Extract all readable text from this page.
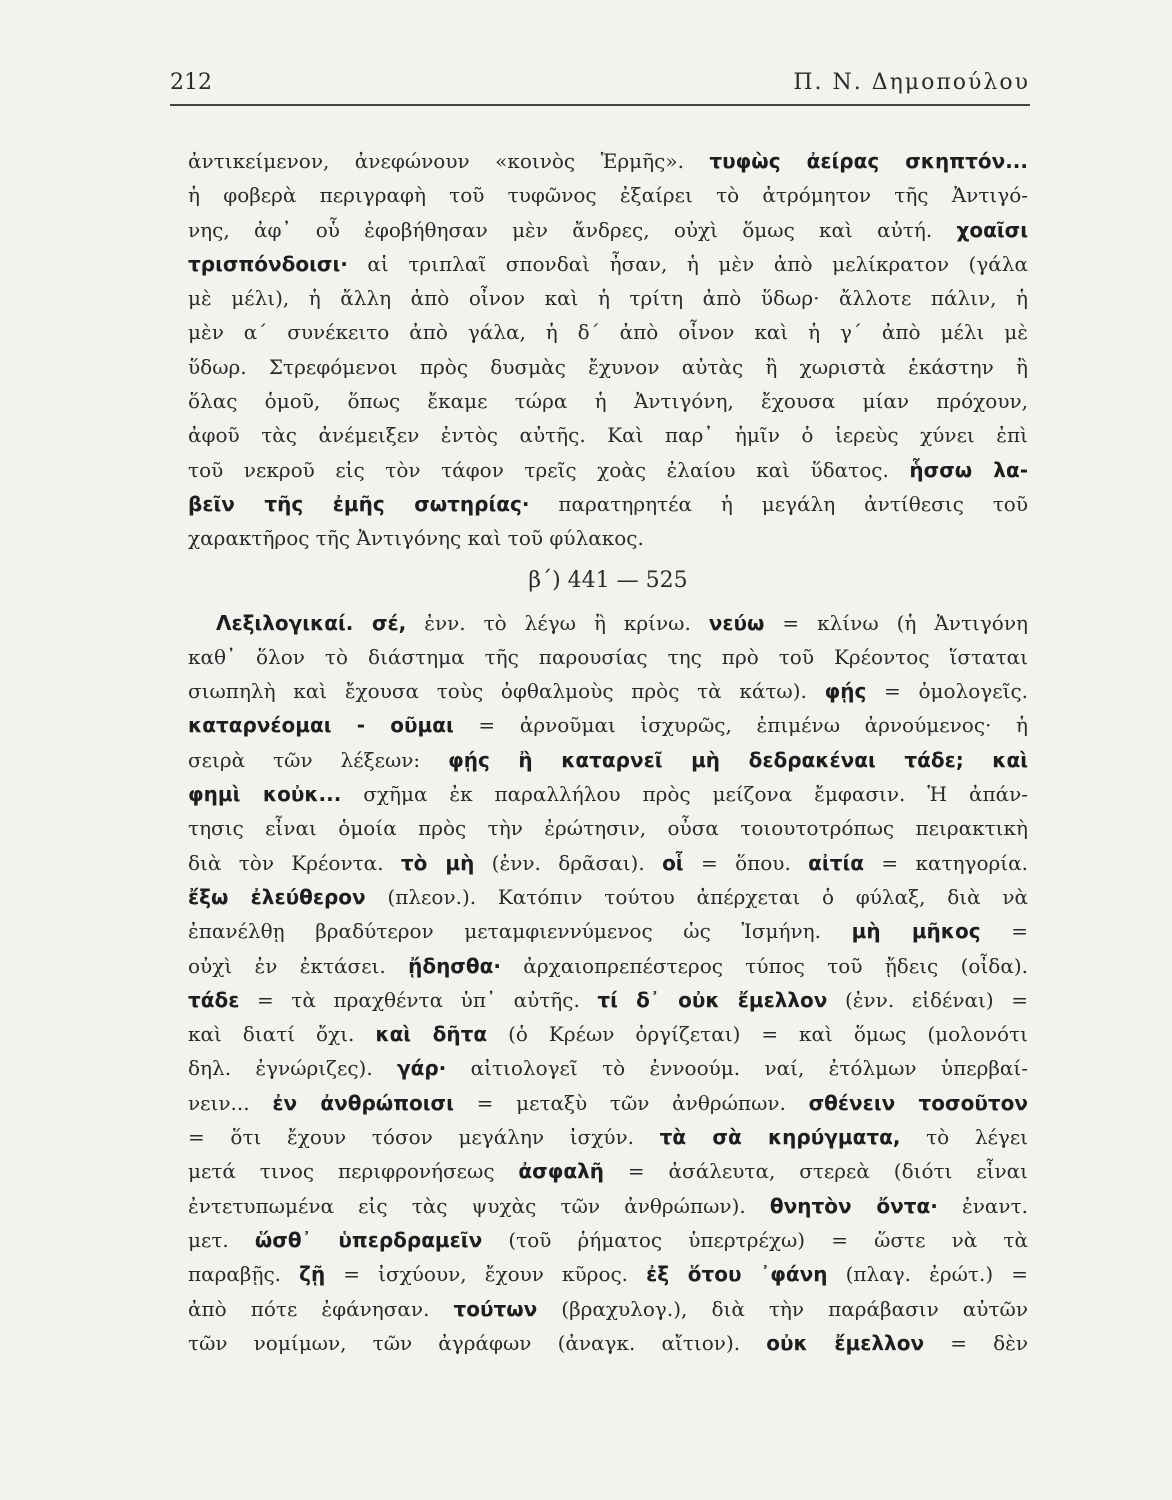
212	Π. Ν. Δημοπούλου
ἀντικείμενον, ἀνεφώνουν «κοινὸς Ἑρμῆς». τυφὼς ἀείρας σκηπτόν...
ἡ φοβερὰ περιγραφὴ τοῦ τυφῶνος ἐξαίρει τὸ ἀτρόμητον τῆς Ἀντιγό-
νης, ἀφ᾽ οὗ ἐφοβήθησαν μὲν ἄνδρες, οὐχὶ ὅμως καὶ αὐτή. χοαῖσι
τρισπόνδοισι· αἱ τριπλαῖ σπονδαὶ ἦσαν, ἡ μὲν ἀπὸ μελίκρατον (γάλα
μὲ μέλι), ἡ ἄλλη ἀπὸ οἶνον καὶ ἡ τρίτη ἀπὸ ὕδωρ· ἄλλοτε πάλιν, ἡ
μὲν α΄ συνέκειτο ἀπὸ γάλα, ἡ δ΄ ἀπὸ οἶνον καὶ ἡ γ΄ ἀπὸ μέλι μὲ
ὕδωρ. Στρεφόμενοι πρὸς δυσμὰς ἔχυνον αὐτὰς ἢ χωριστὰ ἑκάστην ἢ
ὅλας ὁμοῦ, ὅπως ἔκαμε τώρα ἡ Ἀντιγόνη, ἔχουσα μίαν πρόχουν,
ἀφοῦ τὰς ἀνέμειξεν ἐντὸς αὐτῆς. Καὶ παρ᾽ ἡμῖν ὁ ἱερεὺς χύνει ἐπὶ
τοῦ νεκροῦ εἰς τὸν τάφον τρεῖς χοὰς ἐλαίου καὶ ὕδατος. ἧσσω λα-
βεῖν τῆς ἐμῆς σωτηρίας· παρατηρητέα ἡ μεγάλη ἀντίθεσις τοῦ
χαρακτῆρος τῆς Ἀντιγόνης καὶ τοῦ φύλακος.
β΄) 441 — 525
Λεξιλογικαί. σέ, ἐνν. τὸ λέγω ἢ κρίνω. νεύω = κλίνω (ἡ Ἀντιγόνη
καθ᾽ ὅλον τὸ διάστημα τῆς παρουσίας της πρὸ τοῦ Κρέοντος ἵσταται
σιωπηλὴ καὶ ἔχουσα τοὺς ὀφθαλμοὺς πρὸς τὰ κάτω). φῄς = ὁμολογεῖς.
καταρνέομαι - οῦμαι = ἀρνοῦμαι ἰσχυρῶς, ἐπιμένω ἀρνούμενος· ἡ
σειρὰ τῶν λέξεων: φῄς ἢ καταρνεῖ μὴ δεδρακέναι τάδε; καὶ
φημὶ κοὐκ... σχῆμα ἐκ παραλλήλου πρὸς μείζονα ἔμφασιν. Ἡ ἀπάν-
τησις εἶναι ὁμοία πρὸς τὴν ἐρώτησιν, οὖσα τοιουτοτρόπως πειρακτικὴ
διὰ τὸν Κρέοντα. τὸ μὴ (ἐνν. δρᾶσαι). οἷ = ὅπου. αἰτία = κατηγορία.
ἔξω ἐλεύθερον (πλεον.). Κατόπιν τούτου ἀπέρχεται ὁ φύλαξ, διὰ νὰ
ἐπανέλθῃ βραδύτερον μεταμφιεννύμενος ὡς Ἰσμήνη. μὴ μῆκος =
οὐχὶ ἐν ἐκτάσει. ᾔδησθα· ἀρχαιοπρεπέστερος τύπος τοῦ ᾔδεις (οἶδα).
τάδε = τὰ πραχθέντα ὑπ᾽ αὐτῆς. τί δ᾽ οὐκ ἔμελλον (ἐνν. εἰδέναι) =
καὶ διατί ὄχι. καὶ δῆτα (ὁ Κρέων ὀργίζεται) = καὶ ὅμως (μολονότι
δηλ. ἐγνώριζες). γάρ· αἰτιολογεῖ τὸ ἐννοούμ. ναί, ἐτόλμων ὑπερβαί-
νειν... ἐν ἀνθρώποισι = μεταξὺ τῶν ἀνθρώπων. σθένειν τοσοῦτον
= ὅτι ἔχουν τόσον μεγάλην ἰσχύν. τὰ σὰ κηρύγματα, τὸ λέγει
μετά τινος περιφρονήσεως ἀσφαλῆ = ἀσάλευτα, στερεὰ (διότι εἶναι
ἐντετυπωμένα εἰς τὰς ψυχὰς τῶν ἀνθρώπων). θνητὸν ὄντα· ἐναντ.
μετ. ὥσθ᾽ ὑπερδραμεῖν (τοῦ ῥήματος ὑπερτρέχω) = ὥστε νὰ τὰ
παραβῇς. ζῇ = ἰσχύουν, ἔχουν κῦρος. ἐξ ὅτου ᾽φάνη (πλαγ. ἐρώτ.) =
ἀπὸ πότε ἐφάνησαν. τούτων (βραχυλογ.), διὰ τὴν παράβασιν αὐτῶν
τῶν νομίμων, τῶν ἀγράφων (ἀναγκ. αἴτιον). οὐκ ἔμελλον = δὲν
